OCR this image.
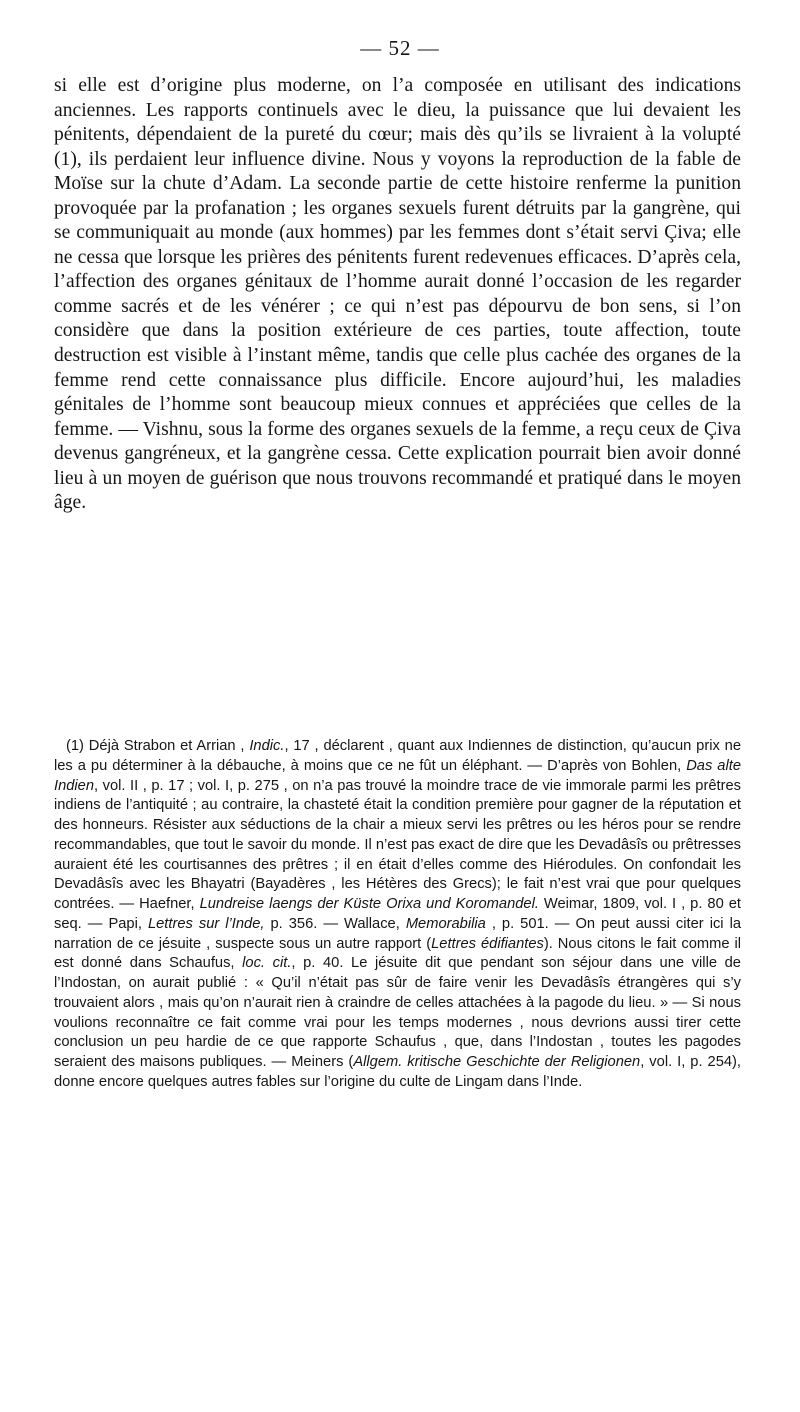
— 52 —

si elle est d’origine plus moderne, on l’a composée en utilisant des indications anciennes. Les rapports continuels avec le dieu, la puissance que lui devaient les pénitents, dépendaient de la pureté du cœur; mais dès qu’ils se livraient à la volupté (1), ils perdaient leur influence divine. Nous y voyons la reproduction de la fable de Moïse sur la chute d’Adam. La seconde partie de cette histoire renferme la punition provoquée par la profanation ; les organes sexuels furent détruits par la gangrène, qui se communiquait au monde (aux hommes) par les femmes dont s’était servi Çiva; elle ne cessa que lorsque les prières des pénitents furent redevenues efficaces. D’après cela, l’affection des organes génitaux de l’homme aurait donné l’occasion de les regarder comme sacrés et de les vénérer ; ce qui n’est pas dépourvu de bon sens, si l’on considère que dans la position extérieure de ces parties, toute affection, toute destruction est visible à l’instant même, tandis que celle plus cachée des organes de la femme rend cette connaissance plus difficile. Encore aujourd’hui, les maladies génitales de l’homme sont beaucoup mieux connues et appréciées que celles de la femme. — Vishnu, sous la forme des organes sexuels de la femme, a reçu ceux de Çiva devenus gangréneux, et la gangrène cessa. Cette explication pourrait bien avoir donné lieu à un moyen de guérison que nous trouvons recommandé et pratiqué dans le moyen âge.

(1) Déjà Strabon et Arrian , Indic., 17 , déclarent , quant aux Indiennes de distinction, qu’aucun prix ne les a pu déterminer à la débauche, à moins que ce ne fût un éléphant. — D’après von Bohlen, Das alte Indien, vol. II , p. 17 ; vol. I, p. 275 , on n’a pas trouvé la moindre trace de vie immorale parmi les prêtres indiens de l’antiquité ; au contraire, la chasteté était la condition première pour gagner de la réputation et des honneurs. Résister aux séductions de la chair a mieux servi les prêtres ou les héros pour se rendre recommandables, que tout le savoir du monde. Il n’est pas exact de dire que les Devadâsîs ou prêtresses auraient été les courtisannes des prêtres ; il en était d’elles comme des Hiérodules. On confondait les Devadâsîs avec les Bhayatri (Bayadères , les Hétères des Grecs); le fait n’est vrai que pour quelques contrées. — Haefner, Lundreise laengs der Küste Orixa und Koromandel. Weimar, 1809, vol. I , p. 80 et seq. — Papi, Lettres sur l’Inde, p. 356. — Wallace, Memorabilia , p. 501. — On peut aussi citer ici la narration de ce jésuite , suspecte sous un autre rapport (Lettres édifiantes). Nous citons le fait comme il est donné dans Schaufus, loc. cit., p. 40. Le jésuite dit que pendant son séjour dans une ville de l’Indostan, on aurait publié : « Qu’il n’était pas sûr de faire venir les Devadâsîs étrangères qui s’y trouvaient alors , mais qu’on n’aurait rien à craindre de celles attachées à la pagode du lieu. » — Si nous voulions reconnaître ce fait comme vrai pour les temps modernes , nous devrions aussi tirer cette conclusion un peu hardie de ce que rapporte Schaufus , que, dans l’Indostan , toutes les pagodes seraient des maisons publiques. — Meiners (Allgem. kritische Geschichte der Religionen, vol. I, p. 254), donne encore quelques autres fables sur l’origine du culte de Lingam dans l’Inde.
